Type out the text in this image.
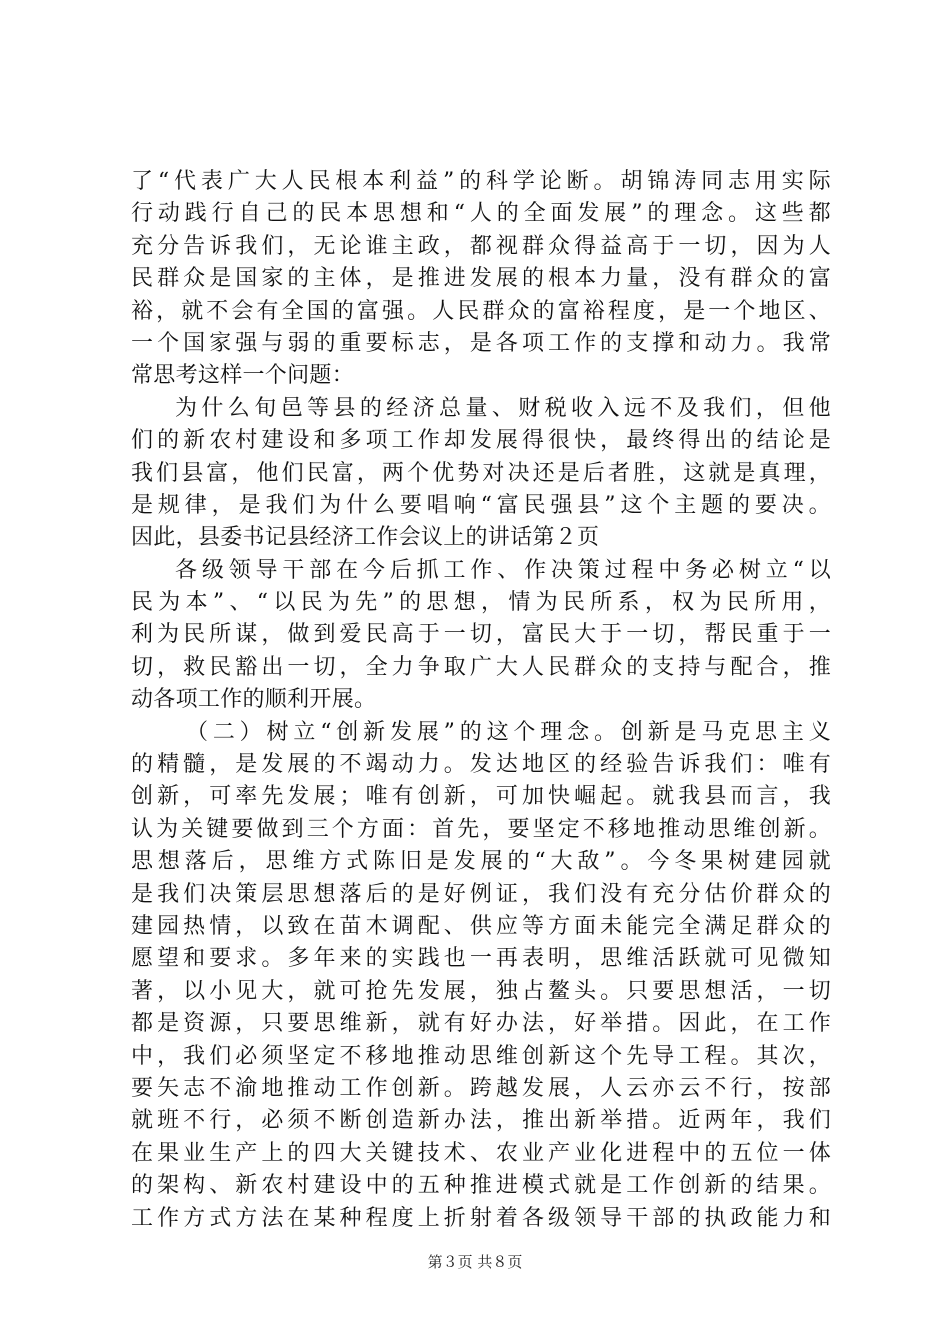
了“代表广大人民根本利益”的科学论断。胡锦涛同志用实际
行动践行自己的民本思想和“人的全面发展”的理念。这些都
充分告诉我们，无论谁主政，都视群众得益高于一切，因为人
民群众是国家的主体，是推进发展的根本力量，没有群众的富
裕，就不会有全国的富强。人民群众的富裕程度，是一个地区、
一个国家强与弱的重要标志，是各项工作的支撑和动力。我常
常思考这样一个问题：
为什么旬邑等县的经济总量、财税收入远不及我们，但他
们的新农村建设和多项工作却发展得很快，最终得出的结论是
我们县富，他们民富，两个优势对决还是后者胜，这就是真理，
是规律，是我们为什么要唱响“富民强县”这个主题的要决。
因此，县委书记县经济工作会议上的讲话第２页
各级领导干部在今后抓工作、作决策过程中务必树立“以
民为本”、“以民为先”的思想，情为民所系，权为民所用，
利为民所谋，做到爱民高于一切，富民大于一切，帮民重于一
切，救民豁出一切，全力争取广大人民群众的支持与配合，推
动各项工作的顺利开展。
（二）树立“创新发展”的这个理念。创新是马克思主义
的精髓，是发展的不竭动力。发达地区的经验告诉我们：唯有
创新，可率先发展；唯有创新，可加快崛起。就我县而言，我
认为关键要做到三个方面：首先，要坚定不移地推动思维创新。
思想落后，思维方式陈旧是发展的“大敌”。今冬果树建园就
是我们决策层思想落后的是好例证，我们没有充分估价群众的
建园热情，以致在苗木调配、供应等方面未能完全满足群众的
愿望和要求。多年来的实践也一再表明，思维活跃就可见微知
著，以小见大，就可抢先发展，独占鳌头。只要思想活，一切
都是资源，只要思维新，就有好办法，好举措。因此，在工作
中，我们必须坚定不移地推动思维创新这个先导工程。其次，
要矢志不渝地推动工作创新。跨越发展，人云亦云不行，按部
就班不行，必须不断创造新办法，推出新举措。近两年，我们
在果业生产上的四大关键技术、农业产业化进程中的五位一体
的架构、新农村建设中的五种推进模式就是工作创新的结果。
工作方式方法在某种程度上折射着各级领导干部的执政能力和
第３页 共８页
